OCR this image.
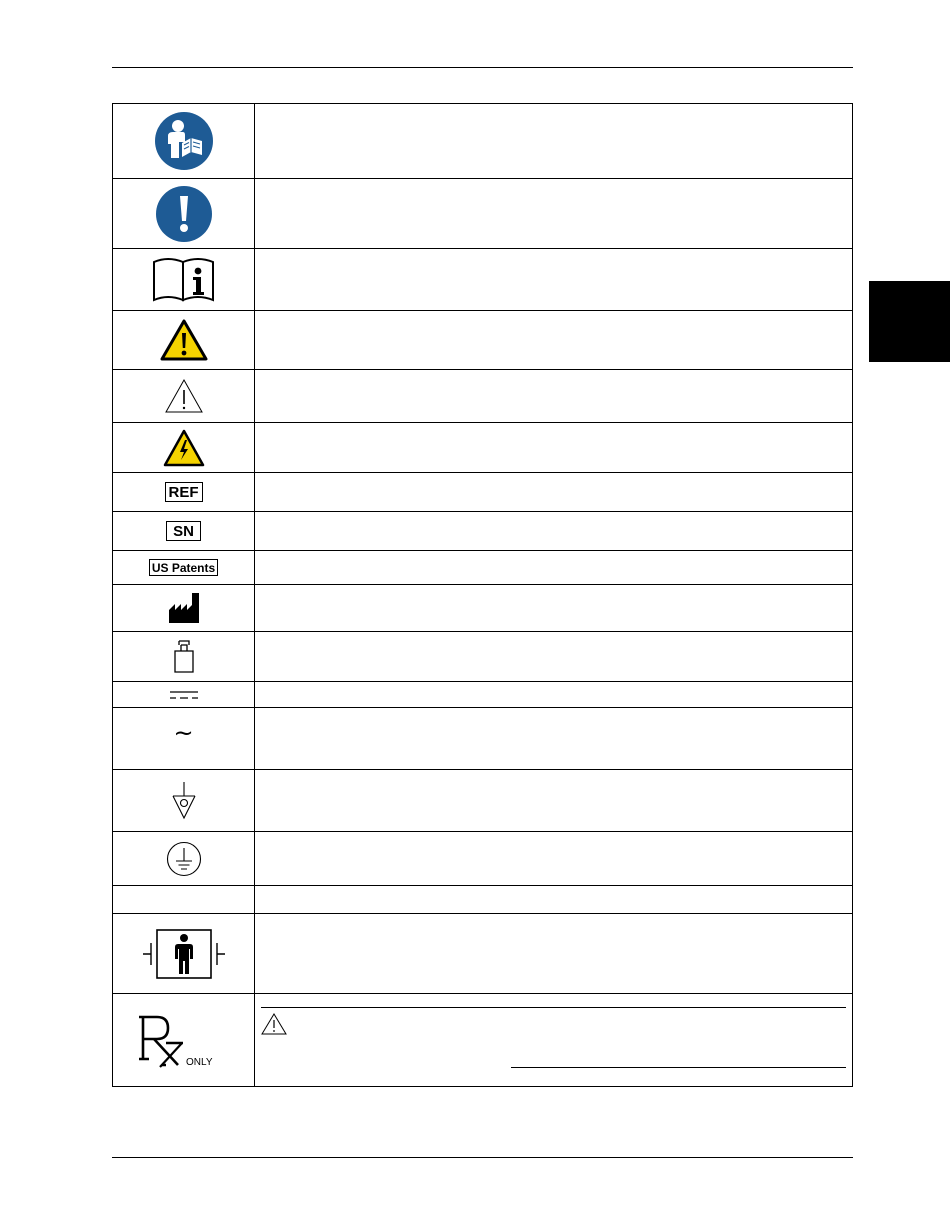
REF	

SN	

US Patents	

~	

ONLY
